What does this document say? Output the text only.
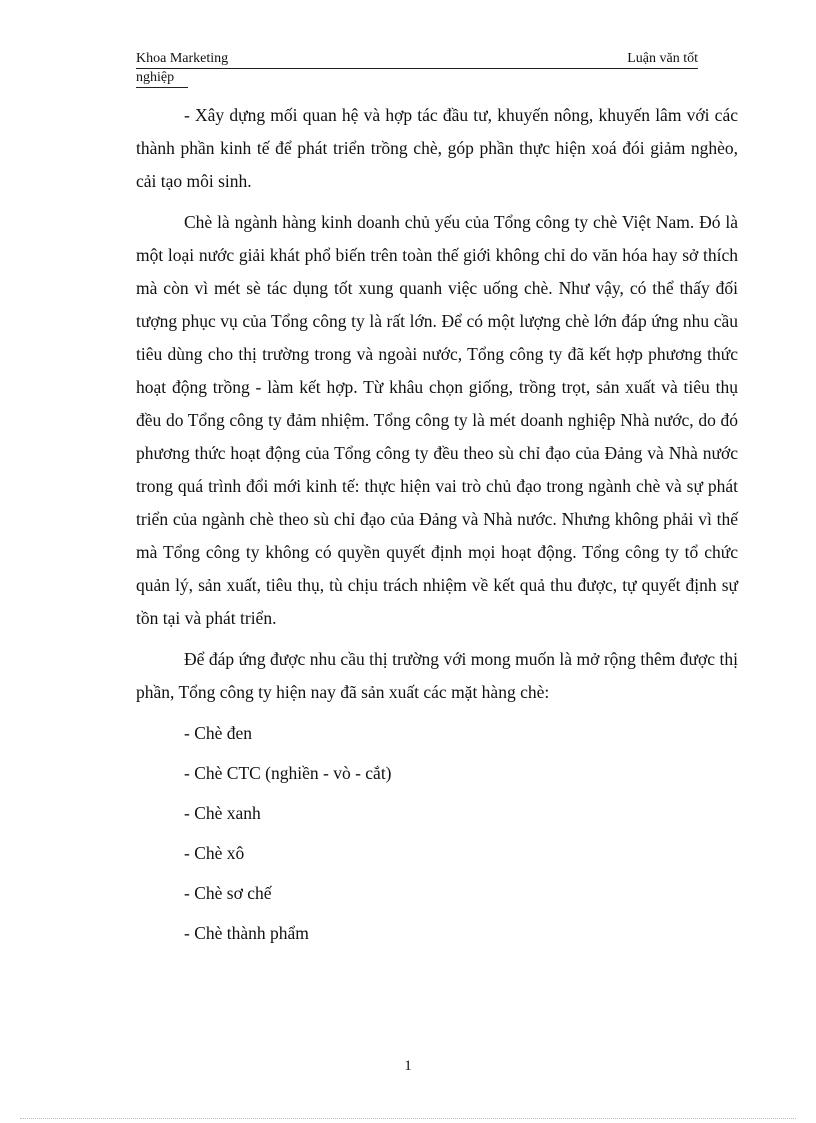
Khoa Marketing	Luận văn tốt
nghiệp

- Xây dựng mối quan hệ và hợp tác đầu tư, khuyến nông, khuyến lâm với các thành phần kinh tế để phát triển trồng chè, góp phần thực hiện xoá đói giảm nghèo, cải tạo môi sinh.

Chè là ngành hàng kinh doanh chủ yếu của Tổng công ty chè Việt Nam. Đó là một loại nước giải khát phổ biến trên toàn thế giới không chỉ do văn hóa hay sở thích mà còn vì mét sè tác dụng tốt xung quanh việc uống chè. Như vậy, có thể thấy đối tượng phục vụ của Tổng công ty là rất lớn. Để có một lượng chè lớn đáp ứng nhu cầu tiêu dùng cho thị trường trong và ngoài nước, Tổng công ty đã kết hợp phương thức hoạt động trồng - làm kết hợp. Từ khâu chọn giống, trồng trọt, sản xuất và tiêu thụ đều do Tổng công ty đảm nhiệm. Tổng công ty là mét doanh nghiệp Nhà nước, do đó phương thức hoạt động của Tổng công ty đều theo sù chỉ đạo của Đảng và Nhà nước trong quá trình đổi mới kinh tế: thực hiện vai trò chủ đạo trong ngành chè và sự phát triển của ngành chè theo sù chỉ đạo của Đảng và Nhà nước. Nhưng không phải vì thế mà Tổng công ty không có quyền quyết định mọi hoạt động. Tổng công ty tổ chức quản lý, sản xuất, tiêu thụ, tù chịu trách nhiệm về kết quả thu được, tự quyết định sự tồn tại và phát triển.

Để đáp ứng được nhu cầu thị trường với mong muốn là mở rộng thêm được thị phần, Tổng công ty hiện nay đã sản xuất các mặt hàng chè:

- Chè đen
- Chè CTC (nghiền - vò - cắt)
- Chè xanh
- Chè xô
- Chè sơ chế
- Chè thành phẩm
1
